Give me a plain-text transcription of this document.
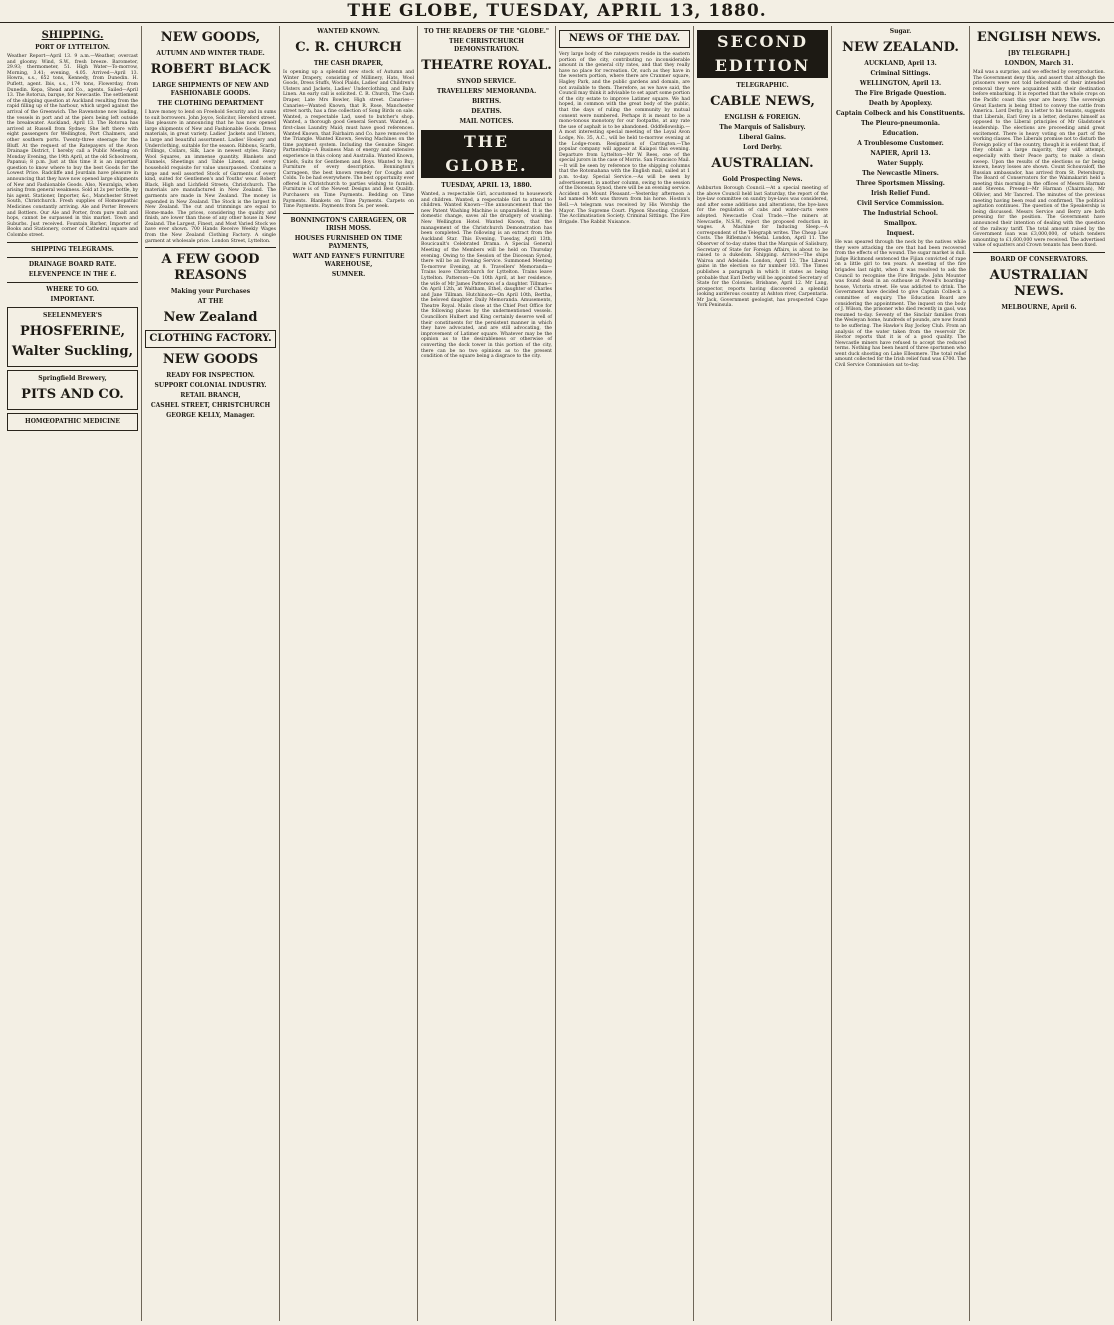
THE GLOBE, TUESDAY, APRIL 13, 1880.
SHIPPING.
PORT OF LYTTELTON.

Weather Report—April 13. 9 a.m.—Weather, overcast and gloomy. Wind, S.W., fresh breeze. Barometer, 29.93; thermometer, 51. High Water—To-morrow, Morning, 3.41; evening, 4.05. Arrived—April 13. Howra, s.s., 652 tons, Kennedy, from Dunedin. H. Puflett, agent. Ibis, s.s., 174 tons, Flowerday, from Dunedin. Kepa, Shead and Co., agents. Sailed—April 13. The Rotorua, barque, for Newcastle. The settlement of the shipping question at Auckland resulting from the rapid filling up of the harbour, which urged against the arrival of the Greenwich. The Ravenstone now loading, the vessels in port and at the piers being left outside the breakwater. Auckland, April 13. The Rotorua has arrived at Russell from Sydney. She left there with eight passengers for Wellington, Port Chalmers, and other southern ports. Twenty-three steerage for the Bluff. At the request of the Ratepayers of the Avon Drainage District, I hereby call a Public Meeting on Monday Evening, the 19th April, at the old Schoolroom, Papanui; 8 p.m. Just at this time it is an important question to know where to buy the best Goods for the Lowest Price. Radcliffe and Jourdain have pleasure in announcing that they have now opened large shipments of New and Fashionable Goods. Also, Neuralgia, when arising from general weakness. Sold at 2s per bottle, by his agent. Stationer, Importer, &c., Manchester Street South, Christchurch. Fresh supplies of Homœopathic Medicines constantly arriving. Ale and Porter Brewers and Bottlers. Our Ale and Porter, from pure malt and hops, cannot be surpassed in this market. Town and Suburbs. Just received. Fountain Barber, Importer of Books and Stationery, corner of Cathedral square and Colombo street.

SHIPPING TELEGRAMS.
DRAINAGE BOARD RATE.
ELEVENPENCE IN THE £.
WHERE TO GO.
IMPORTANT.
SEELENMEYER'S
PHOSFERINE,
Walter Suckling,
Springfield Brewery,
PITS AND CO.
HOMŒOPATHIC MEDICINE
NEW GOODS,
AUTUMN AND WINTER TRADE.
ROBERT BLACK
LARGE SHIPMENTS OF NEW AND FASHIONABLE GOODS.
THE CLOTHING DEPARTMENT

I have money to lend on Freehold Security and in sums to suit borrowers. John Joyce, Solicitor, Hereford street. Has pleasure in announcing that he has now opened large shipments of New and Fashionable Goods. Dress materials, in great variety. Ladies' Jackets and Ulsters, a large and beautiful assortment. Ladies' Hosiery and Underclothing, suitable for the season. Ribbons, Scarfs, Frillings, Collars, Silk, Lace in newest styles. Fancy Wool Squares, an immense quantity. Blankets and Flannels, Sheetings and Table Linens, and every household requisite for value unsurpassed. Contains a large and well assorted Stock of Garments of every kind, suited for Gentlemen's and Youths' wear. Robert Black, High and Lichfield Streets, Christchurch. The materials are manufactured in New Zealand. The garments are made in New Zealand. The money is expended in New Zealand. The Stock is the largest in New Zealand. The cut and trimmings are equal to Home-made. The prices, considering the quality and finish, are lower than those of any other house in New Zealand. The Largest, Finest, and Most Varied Stock we have ever shown. 700 Hands Receive Weekly Wages from the New Zealand Clothing Factory. A single garment at wholesale price. London Street, Lyttelton.

A FEW GOOD REASONS
Making your Purchases
AT THE
New Zealand
CLOTHING FACTORY.
NEW GOODS
READY FOR INSPECTION.
SUPPORT COLONIAL INDUSTRY.
RETAIL BRANCH,
CASHEL STREET, CHRISTCHURCH
GEORGE KELLY, Manager.
WANTED KNOWN.
C. R. CHURCH
THE CASH DRAPER,

Is opening up a splendid new stock of Autumn and Winter Drapery, consisting of Millinery, Hats, Wool Goods, Dress Stuffs, Wool Plaids, Ladies' and Children's Ulsters and Jackets, Ladies' Underclothing, and Baby Linen. An early call is solicited. C. R. Church, The Cash Draper, Late Mrs Bowler, High street. Canaries—Canaries—Wanted Known, that R. Rose, Manchester street north, has a fine collection of Song Birds on sale. Wanted, a respectable Lad, used to butcher's shop. Wanted, a thorough good General Servant. Wanted, a first-class Laundry Maid; must have good references. Wanted Known, that Fairbairn and Co. have removed to the Triangle. Wanted Known, Sewing Machines on the time payment system. Including the Genuine Singer. Partnership—A Business Man of energy and extensive experience in this colony and Australia. Wanted Known, Chiefs, Suits for Gentlemen and Boys. Wanted to Buy, Furniture of every description. Bonnington's Carrageen, the best known remedy for Coughs and Colds. To be had everywhere. The best opportunity ever offered in Christchurch to parties wishing to furnish. Furniture is of the Newest Designs and Best Quality. Purchasers on Time Payments. Bedding on Time Payments. Blankets on Time Payments. Carpets on Time Payments. Payments from 5s. per week.

BONNINGTON'S CARRAGEEN, OR IRISH MOSS.
HOUSES FURNISHED ON TIME PAYMENTS,
WATT AND FAYNE'S FURNITURE WAREHOUSE,
SUMNER.
TO THE READERS OF THE "GLOBE."
THE CHRISTCHURCH DEMONSTRATION.
THEATRE ROYAL.
SYNOD SERVICE.
TRAVELLERS' MEMORANDA.
BIRTHS.
DEATHS.
MAIL NOTICES.
THE GLOBE.
TUESDAY, APRIL 13, 1880.

Wanted, a respectable Girl, accustomed to housework and children. Wanted, a respectable Girl to attend to children. Wanted Known—The announcement that the new Patent Washing Machine is unparalleled. It is the domestic change, saves all the drudgery of washing. New Wellington Hotel. Wanted Known, that the management of the Christchurch Demonstration has been completed. The following is an extract from the Auckland Star. This Evening, Tuesday, April 13th, Boucicault's Celebrated Drama. A Special General Meeting of the Members will be held on Thursday evening. Owing to the Session of the Diocesan Synod, there will be an Evening Service. Summoned Meeting To-morrow Evening, at 8. Travellers' Memoranda—Trains leave Christchurch for Lyttelton. Trains leave Lyttelton. Patterson—On 10th April, at her residence, the wife of Mr James Patterson of a daughter. Tillman—On April 12th, at Waltham, Ethel, daughter of Charles and Jane Tillman. Hutchinson—On April 10th, Bertha, the beloved daughter. Daily Memoranda. Amusements, Theatre Royal. Mails close at the Chief Post Office for the following places by the undermentioned vessels. Councillors Hulbert and King certainly deserve well of their constituents for the persistent manner in which they have advocated, and are still advocating, the improvement of Latimer square. Whatever may be the opinion as to the desirableness or otherwise of converting the dock tower in this portion of the city, there can be no two opinions as to the present condition of the square being a disgrace to the city.

NEWS OF THE DAY.

Very large body of the ratepayers reside in the eastern portion of the city, contributing no inconsiderable amount in the general city rates, and that they really have no place for recreation. Or, such as they have in the western portion, where there are Cranmer square, Hagley Park, and the public gardens and domain, are not available to them. Therefore, as we have said, the Council may think it advisable to set apart some portion of the city estate to improve Latimer square. We had hoped, in common with the great body of the public, that the days of ruling the community by mutual consent were numbered. Perhaps it is meant to be a mono-tonous monotony for our footpaths, at any rate the use of asphalt is to be abandoned. Oddfellowship.—A most interesting special meeting of the Loyal Avon Lodge, No. 35, A.C., will be held to-morrow evening at the Lodge-room. Resignation of Carrington.—The popular company will appear at Kaiapoi this evening. Departure from Lyttelton—Mr W. Rees, one of the special jurors in the case of Morris. San Francisco Mail.—It will be seen by reference to the shipping columns that the Rotomahana with the English mail, sailed at 1 p.m. to-day. Special Service.—As will be seen by advertisement, in another column, owing to the session of the Diocesan Synod, there will be an evening service. Accident on Mount Pleasant.—Yesterday afternoon a lad named Mott was thrown from his horse. Hoston's Bell.—A telegram was received by His Worship the Mayor. The Supreme Court. Pigeon Shooting. Cricket. The Acclimatisation Society. Criminal Sittings. The Fire Brigade. The Rabbit Nuisance.

SECOND EDITION
TELEGRAPHIC.
CABLE NEWS,
ENGLISH & FOREIGN.
The Marquis of Salisbury.
Liberal Gains.
Lord Derby.
AUSTRALIAN.
Gold Prospecting News.

Ashburton Borough Council.—At a special meeting of the above Council held last Saturday, the report of the bye-law committee on sundry bye-laws was considered, and after some additions and alterations, the bye-laws for the regulation of cabs and water-carts were adopted. Newcastle Coal Trade.—The miners at Newcastle, N.S.W., reject the proposed reduction in wages. A Machine for Inducing Sleep.—A correspondent of the Telegraph writes. The Cheap Law Costs. The Rifleman's Medal. London, April 11. The Observer of to-day states that the Marquis of Salisbury, Secretary of State for Foreign Affairs, is about to be raised to a dukedom. Shipping. Arrived—The ships Wairoa and Adelaide. London, April 12. The Liberal gains in the election so far number 103. The Times publishes a paragraph in which it states as being probable that Earl Derby will be appointed Secretary of State for the Colonies. Brisbane, April 12. Mr Lang, prospector, reports having discovered a splendid looking auriferous country at Ashton river, Carpentaria. Mr Jack, Government geologist, has prospected Cape York Peninsula.

Sugar.
NEW ZEALAND.
AUCKLAND, April 13.
Criminal Sittings.
WELLINGTON, April 13.
The Fire Brigade Question.
Death by Apoplexy.
Captain Colbeck and his Constituents.
The Pleuro-pneumonia.
Education.
A Troublesome Customer.
NAPIER, April 13.
Water Supply.
The Newcastle Miners.
Three Sportsmen Missing.
Irish Relief Fund.
Civil Service Commission.
The Industrial School.
Smallpox.
Inquest.

He was speared through the neck by the natives while they were attacking the ore that had been recovered from the effects of the wound. The sugar market is dull. Judge Richmond sentenced the Fijian convicted of rape on a little girl to ten years. A meeting of the fire brigades last night, when it was resolved to ask the Council to recognise the Fire Brigade. John Mounter was found dead in an outhouse at Powell's boarding-house, Victoria street. He was addicted to drink. The Government have decided to give Captain Colbeck a committee of enquiry. The Education Board are considering the appointment. The inquest on the body of J. Wilson, the prisoner who died recently in gaol, was resumed to-day. Seventy of the Sinclair families from the Wesleyan home, hundreds of pounds, are now found to be suffering. The Hawke's Bay Jockey Club. From an analysis of the water taken from the reservoir Dr. Hector reports that it is of a good quality. The Newcastle miners have refused to accept the reduced terms. Nothing has been heard of three sportsmen who went duck shooting on Lake Ellesmere. The total relief amount collected for the Irish relief fund was £700. The Civil Service Commission sat to-day.

ENGLISH NEWS.
[BY TELEGRAPH.]
LONDON, March 31.

Mail was a surprise, and we effected by overproduction. The Government deny this, and assert that although the prisoners were not told beforehand of their intended removal they were acquainted with their destination before embarking. It is reported that the whole crops on the Pacific coast this year are heavy. The sovereign Great Eastern is being fitted to convey the cattle from America. Lord Derby, in a letter to his tenants, suggests that Liberals, Earl Grey in a letter, declares himself as opposed to the Liberal principles of Mr Gladstone's leadership. The elections are proceeding amid great excitement. There is heavy voting on the part of the working classes. The Liberals promise not to disturb the Foreign policy of the country, though it is evident that, if they obtain a large majority, they will attempt, especially with their Peace party, to make a clean sweep. Upon the results of the elections so far being known, heavy losses are shown. Count Schouvaloff, the Russian ambassador, has arrived from St. Petersburg. The Board of Conservators for the Waimakariri held a meeting this morning in the offices of Messrs Harman and Stevens. Present—Mr Harman (Chairman), Mr Ollivier, and Mr Tancred. The minutes of the previous meeting having been read and confirmed. The political agitation continues. The question of the Speakership is being discussed. Messrs Service and Berry are both pressing for the position. The Government have announced their intention of dealing with the question of the railway tariff. The total amount raised by the Government loan was £3,000,000, of which tenders amounting to £1,600,000 were received. The advertised value of squatters and Crown tenants has been fixed.

BOARD OF CONSERVATORS.
AUSTRALIAN NEWS.
MELBOURNE, April 6.
